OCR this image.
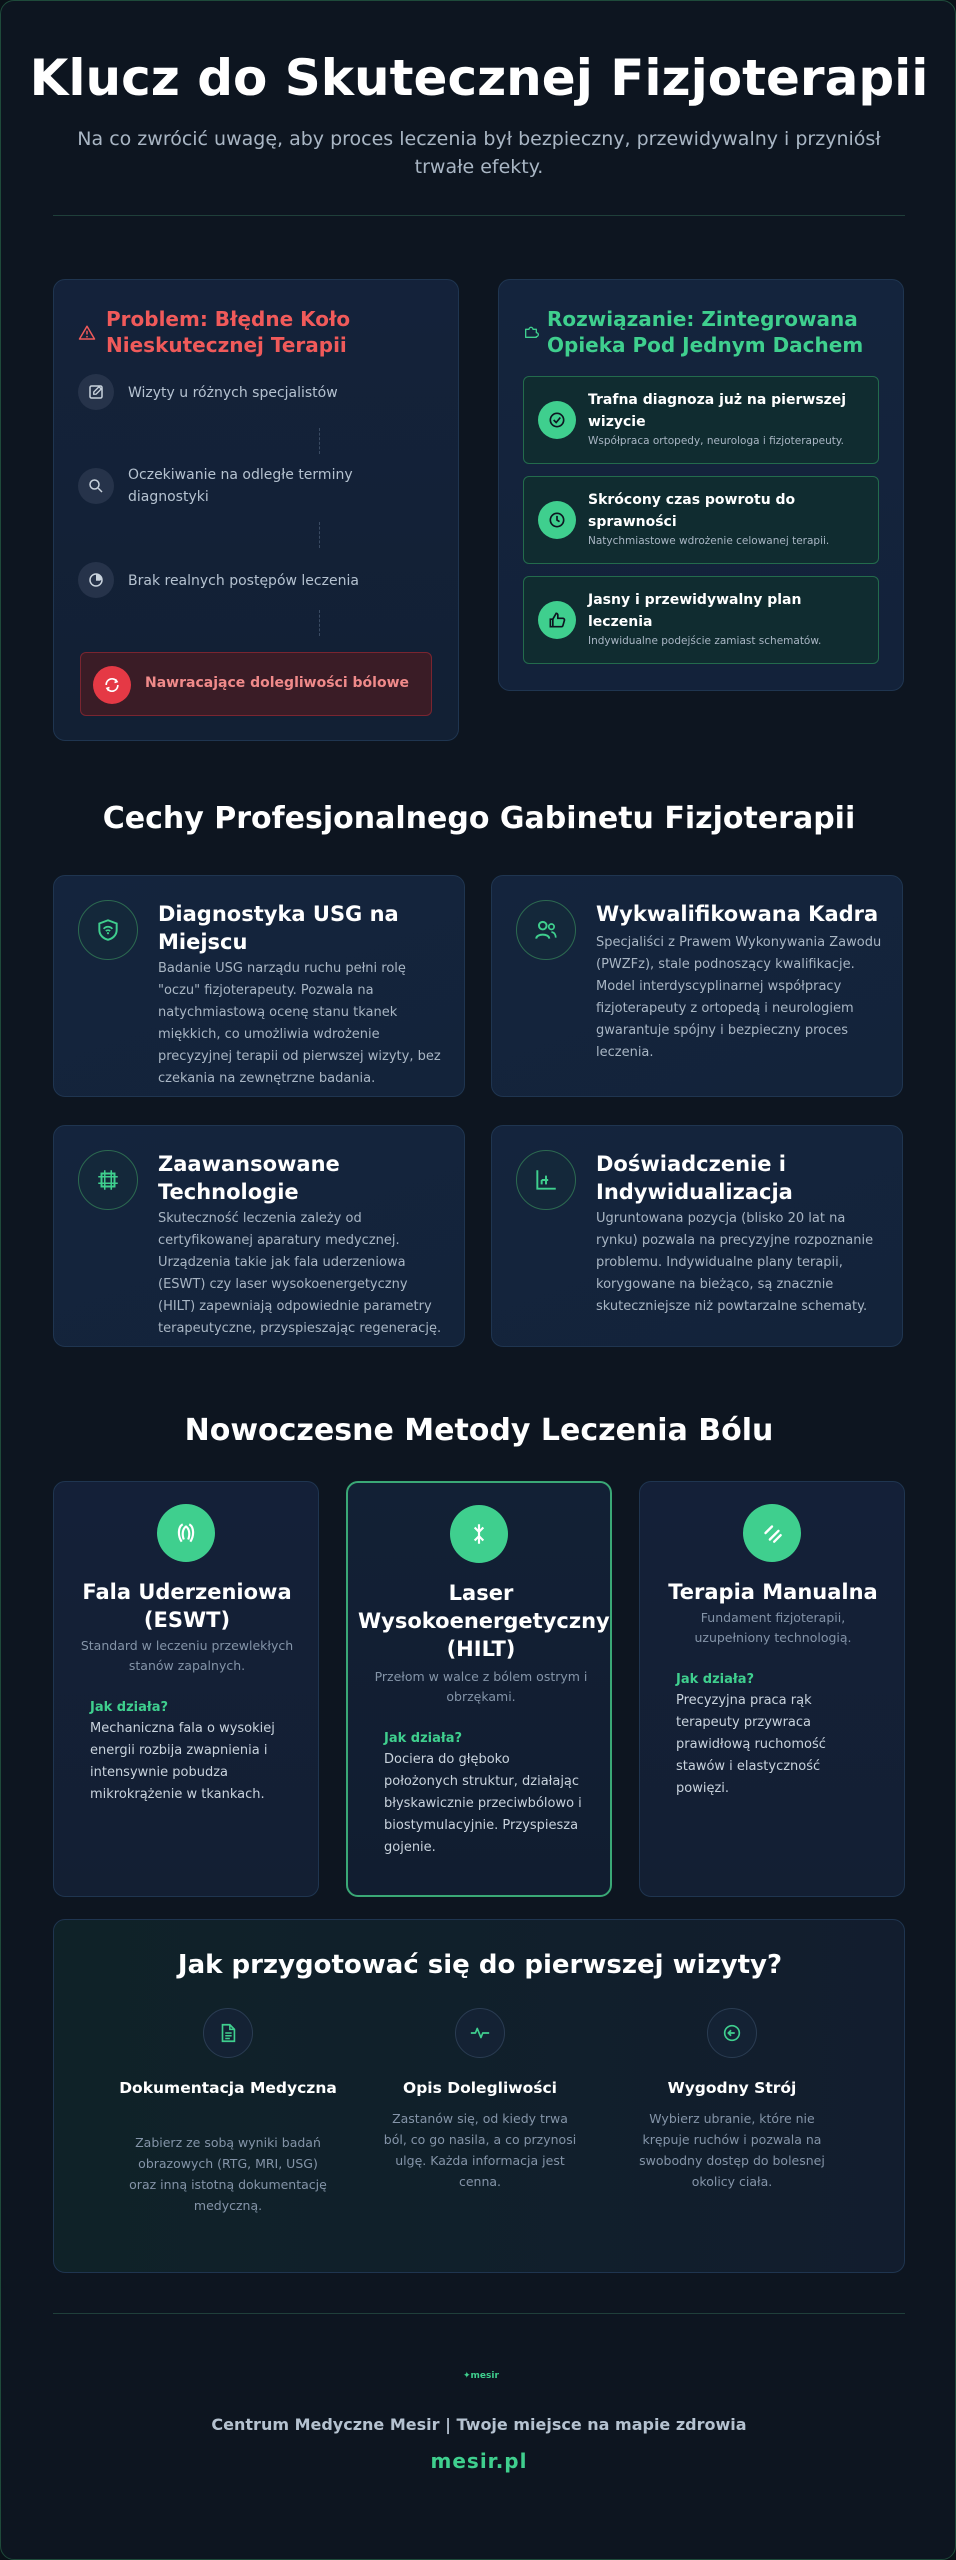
Klucz do Skutecznej Fizjoterapii

Na co zwrócić uwagę, aby proces leczenia był bezpieczny, przewidywalny i przyniósł trwałe efekty.

Problem: Błędne Koło Nieskutecznej Terapii
Wizyty u różnych specjalistów
Oczekiwanie na odległe terminy diagnostyki
Brak realnych postępów leczenia
Nawracające dolegliwości bólowe
Rozwiązanie: Zintegrowana Opieka Pod Jednym Dachem
Trafna diagnoza już na pierwszej wizycie
Współpraca ortopedy, neurologa i fizjoterapeuty.
Skrócony czas powrotu do sprawności
Natychmiastowe wdrożenie celowanej terapii.
Jasny i przewidywalny plan leczenia
Indywidualne podejście zamiast schematów.
Cechy Profesjonalnego Gabinetu Fizjoterapii
Diagnostyka USG na Miejscu
Badanie USG narządu ruchu pełni rolę "oczu" fizjoterapeuty. Pozwala na natychmiastową ocenę stanu tkanek miękkich, co umożliwia wdrożenie precyzyjnej terapii od pierwszej wizyty, bez czekania na zewnętrzne badania.
Wykwalifikowana Kadra
Specjaliści z Prawem Wykonywania Zawodu (PWZFz), stale podnoszący kwalifikacje. Model interdyscyplinarnej współpracy fizjoterapeuty z ortopedą i neurologiem gwarantuje spójny i bezpieczny proces leczenia.
Zaawansowane Technologie
Skuteczność leczenia zależy od certyfikowanej aparatury medycznej. Urządzenia takie jak fala uderzeniowa (ESWT) czy laser wysokoenergetyczny (HILT) zapewniają odpowiednie parametry terapeutyczne, przyspieszając regenerację.
Doświadczenie i Indywidualizacja
Ugruntowana pozycja (blisko 20 lat na rynku) pozwala na precyzyjne rozpoznanie problemu. Indywidualne plany terapii, korygowane na bieżąco, są znacznie skuteczniejsze niż powtarzalne schematy.
Nowoczesne Metody Leczenia Bólu
Fala Uderzeniowa (ESWT)
Standard w leczeniu przewlekłych stanów zapalnych.
Jak działa?
Mechaniczna fala o wysokiej energii rozbija zwapnienia i intensywnie pobudza mikrokrążenie w tkankach.
Laser Wysokoenergetyczny (HILT)
Przełom w walce z bólem ostrym i obrzękami.
Jak działa?
Dociera do głęboko położonych struktur, działając błyskawicznie przeciwbólowo i biostymulacyjnie. Przyspiesza gojenie.
Terapia Manualna
Fundament fizjoterapii, uzupełniony technologią.
Jak działa?
Precyzyjna praca rąk terapeuty przywraca prawidłową ruchomość stawów i elastyczność powięzi.
Jak przygotować się do pierwszej wizyty?
Dokumentacja Medyczna
Zabierz ze sobą wyniki badań obrazowych (RTG, MRI, USG) oraz inną istotną dokumentację medyczną.
Opis Dolegliwości
Zastanów się, od kiedy trwa ból, co go nasila, a co przynosi ulgę. Każda informacja jest cenna.
Wygodny Strój
Wybierz ubranie, które nie krępuje ruchów i pozwala na swobodny dostęp do bolesnej okolicy ciała.
✦mesir
Centrum Medyczne Mesir | Twoje miejsce na mapie zdrowia
mesir.pl
